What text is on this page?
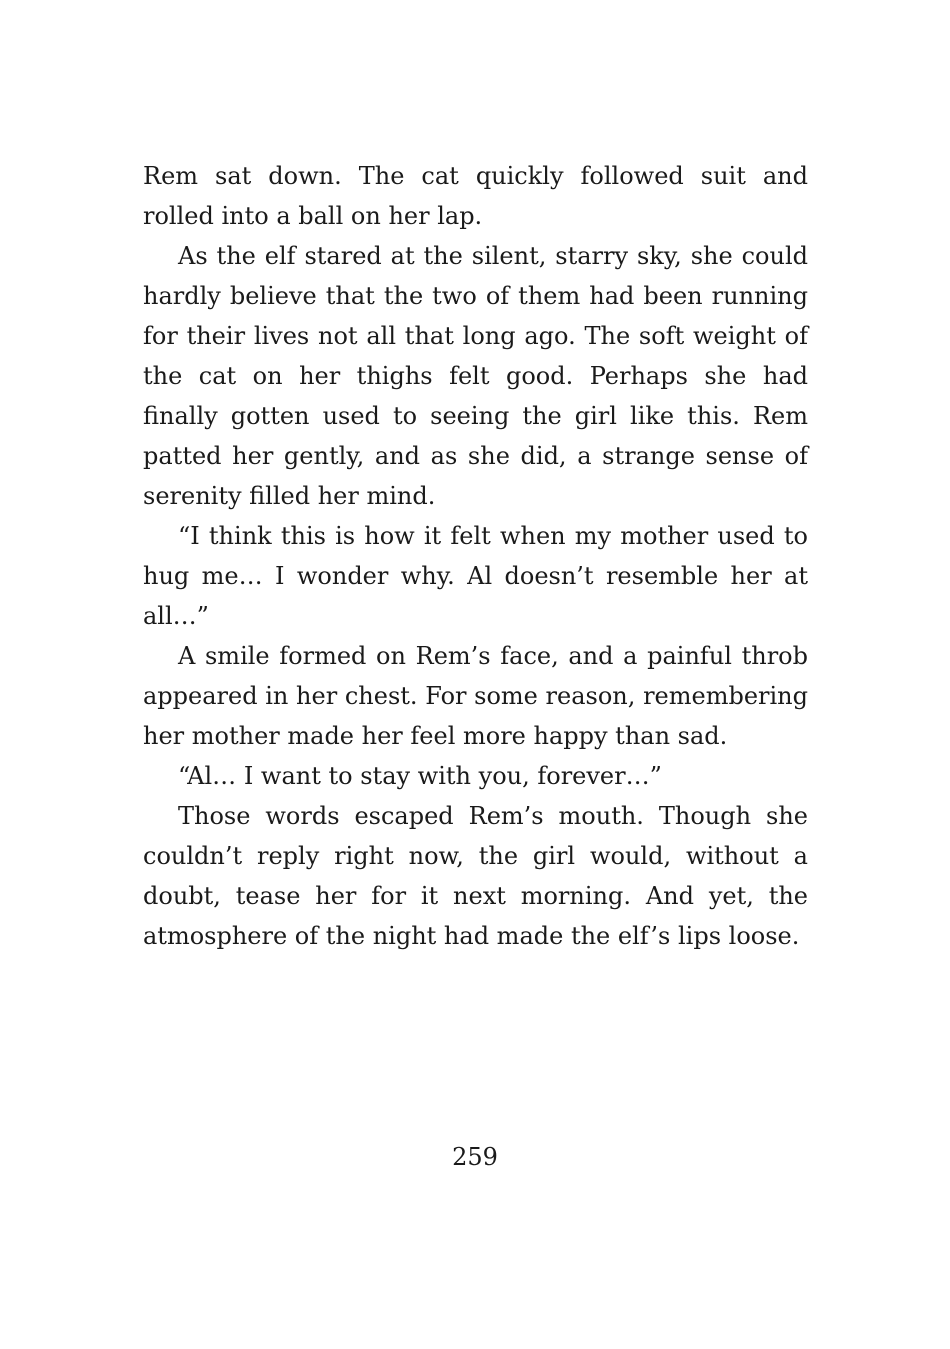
Rem sat down. The cat quickly followed suit and rolled into a ball on her lap.

As the elf stared at the silent, starry sky, she could hardly believe that the two of them had been running for their lives not all that long ago. The soft weight of the cat on her thighs felt good. Perhaps she had finally gotten used to seeing the girl like this. Rem patted her gently, and as she did, a strange sense of serenity filled her mind.

“I think this is how it felt when my mother used to hug me… I wonder why. Al doesn’t resemble her at all…”

A smile formed on Rem’s face, and a painful throb appeared in her chest. For some reason, remembering her mother made her feel more happy than sad.

“Al… I want to stay with you, forever…”

Those words escaped Rem’s mouth. Though she couldn’t reply right now, the girl would, without a doubt, tease her for it next morning. And yet, the atmosphere of the night had made the elf’s lips loose.

259
